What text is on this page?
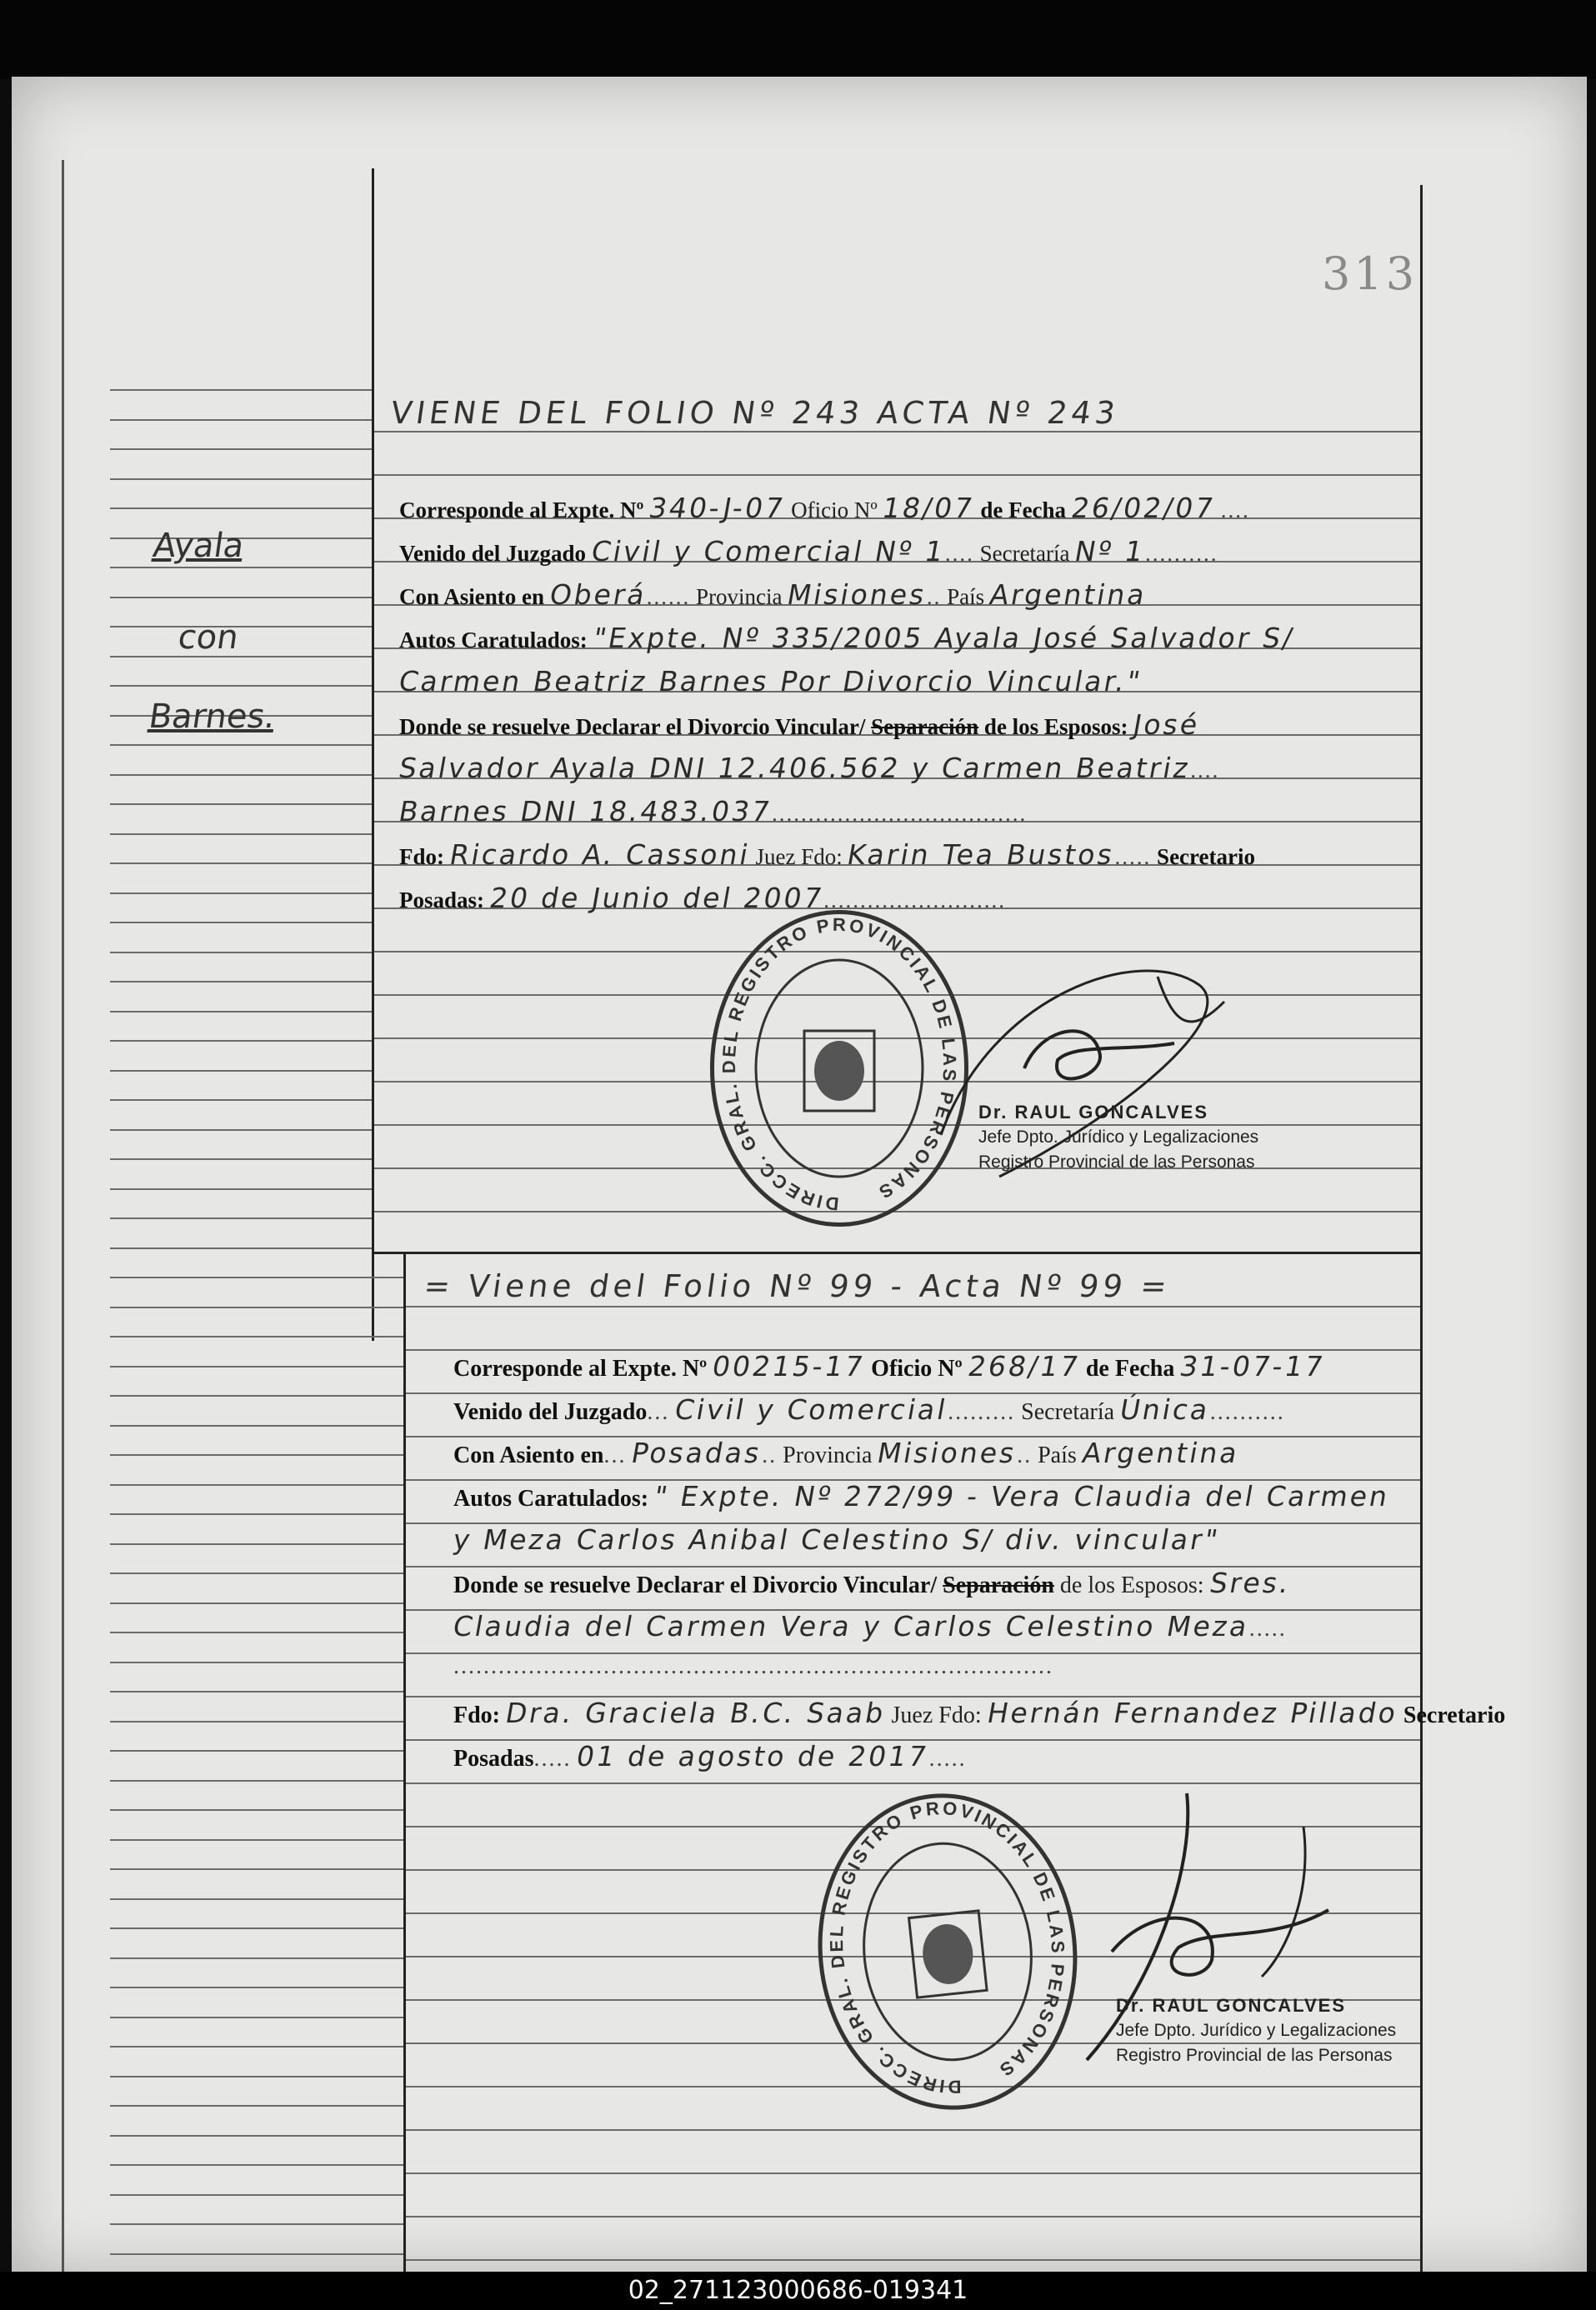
313
Ayala
con
Barnes.
VIENE DEL FOLIO Nº 243 ACTA Nº 243
Corresponde al Expte. Nº 340-J-07 Oficio Nº 18/07 de Fecha 26/02/07 ....
Venido del Juzgado Civil y Comercial Nº 1.... Secretaría Nº 1..........
Con Asiento en Oberá...... Provincia Misiones.. País Argentina
Autos Caratulados: "Expte. Nº 335/2005 Ayala José Salvador S/
Carmen Beatriz Barnes Por Divorcio Vincular."
Donde se resuelve Declarar el Divorcio Vincular/ Separación de los Esposos: José
Salvador Ayala DNI 12.406.562 y Carmen Beatriz....
Barnes DNI 18.483.037...................................
Fdo: Ricardo A. Cassoni Juez Fdo: Karin Tea Bustos..... Secretario
Posadas: 20 de Junio del 2007.........................
DIRECC. GRAL. DEL REGISTRO PROVINCIAL DE LAS PERSONAS
Dr. RAUL GONCALVES
Jefe Dpto. Jurídico y Legalizaciones
Registro Provincial de las Personas
= Viene del Folio Nº 99 - Acta Nº 99 =
Corresponde al Expte. Nº 00215-17 Oficio Nº 268/17 de Fecha 31-07-17
Venido del Juzgado... Civil y Comercial......... Secretaría Única..........
Con Asiento en... Posadas.. Provincia Misiones.. País Argentina
Autos Caratulados: " Expte. Nº 272/99 - Vera Claudia del Carmen
y Meza Carlos Anibal Celestino S/ div. vincular"
Donde se resuelve Declarar el Divorcio Vincular/ Separación de los Esposos: Sres.
Claudia del Carmen Vera y Carlos Celestino Meza.....
................................................................................
Fdo: Dra. Graciela B.C. Saab Juez Fdo: Hernán Fernandez Pillado Secretario
Posadas..... 01 de agosto de 2017.....
DIRECC. GRAL. DEL REGISTRO PROVINCIAL DE LAS PERSONAS
Dr. RAUL GONCALVES
Jefe Dpto. Jurídico y Legalizaciones
Registro Provincial de las Personas
02_271123000686-019341
